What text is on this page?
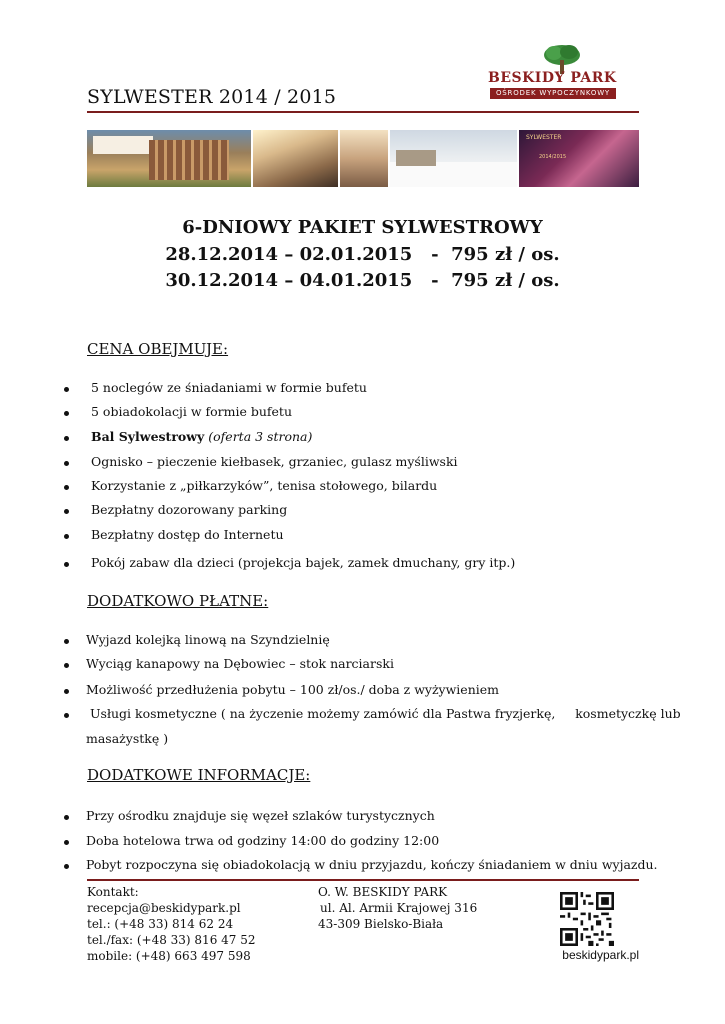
SYLWESTER 2014 / 2015
BESKIDY PARK
OŚRODEK WYPOCZYNKOWY
SYLWESTER
2014/2015
6-DNIOWY PAKIET SYLWESTROWY
28.12.2014 – 02.01.2015   -  795 zł / os.
30.12.2014 – 04.01.2015   -  795 zł / os.
CENA OBEJMUJE:
5 noclegów ze śniadaniami w formie bufetu
5 obiadokolacji w formie bufetu
Bal Sylwestrowy (oferta 3 strona)
Ognisko – pieczenie kiełbasek, grzaniec, gulasz myśliwski
Korzystanie z „piłkarzyków”, tenisa stołowego, bilardu
Bezpłatny dozorowany parking
Bezpłatny dostęp do Internetu
Pokój zabaw dla dzieci (projekcja bajek, zamek dmuchany, gry itp.)
DODATKOWO PŁATNE:
Wyjazd kolejką linową na Szyndzielnię
Wyciąg kanapowy na Dębowiec – stok narciarski
Możliwość przedłużenia pobytu – 100 zł/os./ doba z wyżywieniem
Usługi kosmetyczne ( na życzenie możemy zamówić dla Pastwa fryzjerkę,     kosmetyczkę lub
masażystkę )
DODATKOWE INFORMACJE:
Przy ośrodku znajduje się węzeł szlaków turystycznych
Doba hotelowa trwa od godziny 14:00 do godziny 12:00
Pobyt rozpoczyna się obiadokolacją w dniu przyjazdu, kończy śniadaniem w dniu wyjazdu.
Kontakt:
recepcja@beskidypark.pl
tel.: (+48 33) 814 62 24
tel./fax: (+48 33) 816 47 52
mobile: (+48) 663 497 598
O. W. BESKIDY PARK
ul. Al. Armii Krajowej 316
43-309 Bielsko-Biała
beskidypark.pl
